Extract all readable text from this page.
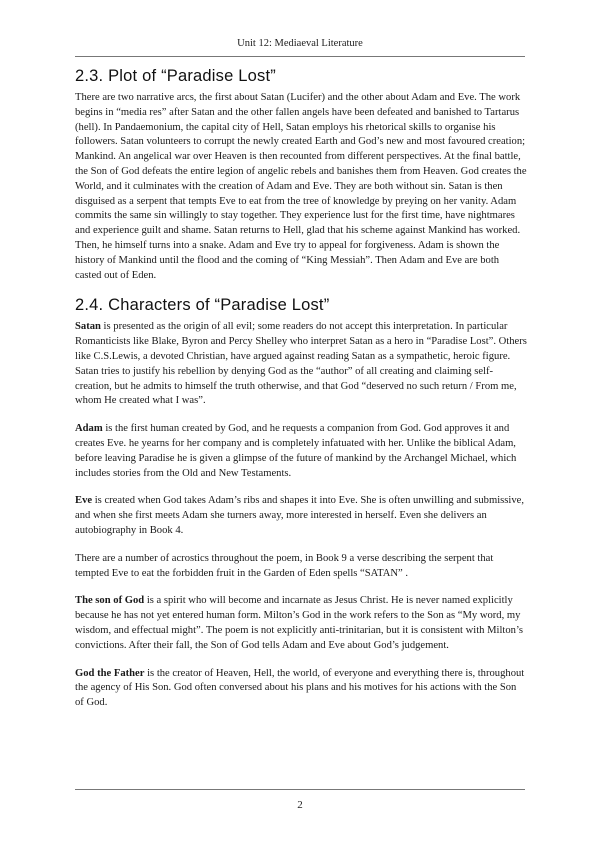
Unit 12: Mediaeval Literature
2.3. Plot of “Paradise Lost”

There are two narrative arcs, the first about Satan (Lucifer) and the other about Adam and Eve. The work begins in “media res” after Satan and the other fallen angels have been defeated and banished to Tartarus (hell). In Pandaemonium, the capital city of Hell, Satan employs his rhetorical skills to organise his followers. Satan volunteers to corrupt the newly created Earth and God’s new and most favoured creation; Mankind. An angelical war over Heaven is then recounted from different perspectives. At the final battle, the Son of God defeats the entire legion of angelic rebels and banishes them from Heaven. God creates the World, and it culminates with the creation of Adam and Eve. They are both without sin. Satan is then disguised as a serpent that tempts Eve to eat from the tree of knowledge by preying on her vanity. Adam commits the same sin willingly to stay together. They experience lust for the first time, have nightmares and experience guilt and shame. Satan returns to Hell, glad that his scheme against Mankind has worked. Then, he himself turns into a snake. Adam and Eve try to appeal for forgiveness. Adam is shown the history of Mankind until the flood and the coming of “King Messiah”. Then Adam and Eve are both casted out of Eden.

2.4. Characters of “Paradise Lost”

Satan is presented as the origin of all evil; some readers do not accept this interpretation. In particular Romanticists like Blake, Byron and Percy Shelley who interpret Satan as a hero in “Paradise Lost”. Others like C.S.Lewis, a devoted Christian, have argued against reading Satan as a sympathetic, heroic figure. Satan tries to justify his rebellion by denying God as the “author” of all creating and claiming self-creation, but he admits to himself the truth otherwise, and that God “deserved no such return / From me, whom He created what I was”.

Adam is the first human created by God, and he requests a companion from God. God approves it and creates Eve. he yearns for her company and is completely infatuated with her. Unlike the biblical Adam, before leaving Paradise he is given a glimpse of the future of mankind by the Archangel Michael, which includes stories from the Old and New Testaments.

Eve is created when God takes Adam’s ribs and shapes it into Eve. She is often unwilling and submissive, and when she first meets Adam she turners away, more interested in herself. Even she delivers an autobiography in Book 4.

There are a number of acrostics throughout the poem, in Book 9 a verse describing the serpent that tempted Eve to eat the forbidden fruit in the Garden of Eden spells “SATAN” .

The son of God is a spirit who will become and incarnate as Jesus Christ. He is never named explicitly because he has not yet entered human form. Milton’s God in the work refers to the Son as “My word, my wisdom, and effectual might”. The poem is not explicitly anti-trinitarian, but it is consistent with Milton’s convictions. After their fall, the Son of God tells Adam and Eve about God’s judgement.

God the Father is the creator of Heaven, Hell, the world, of everyone and everything there is, throughout the agency of His Son. God often conversed about his plans and his motives for his actions with the Son of God.

2
